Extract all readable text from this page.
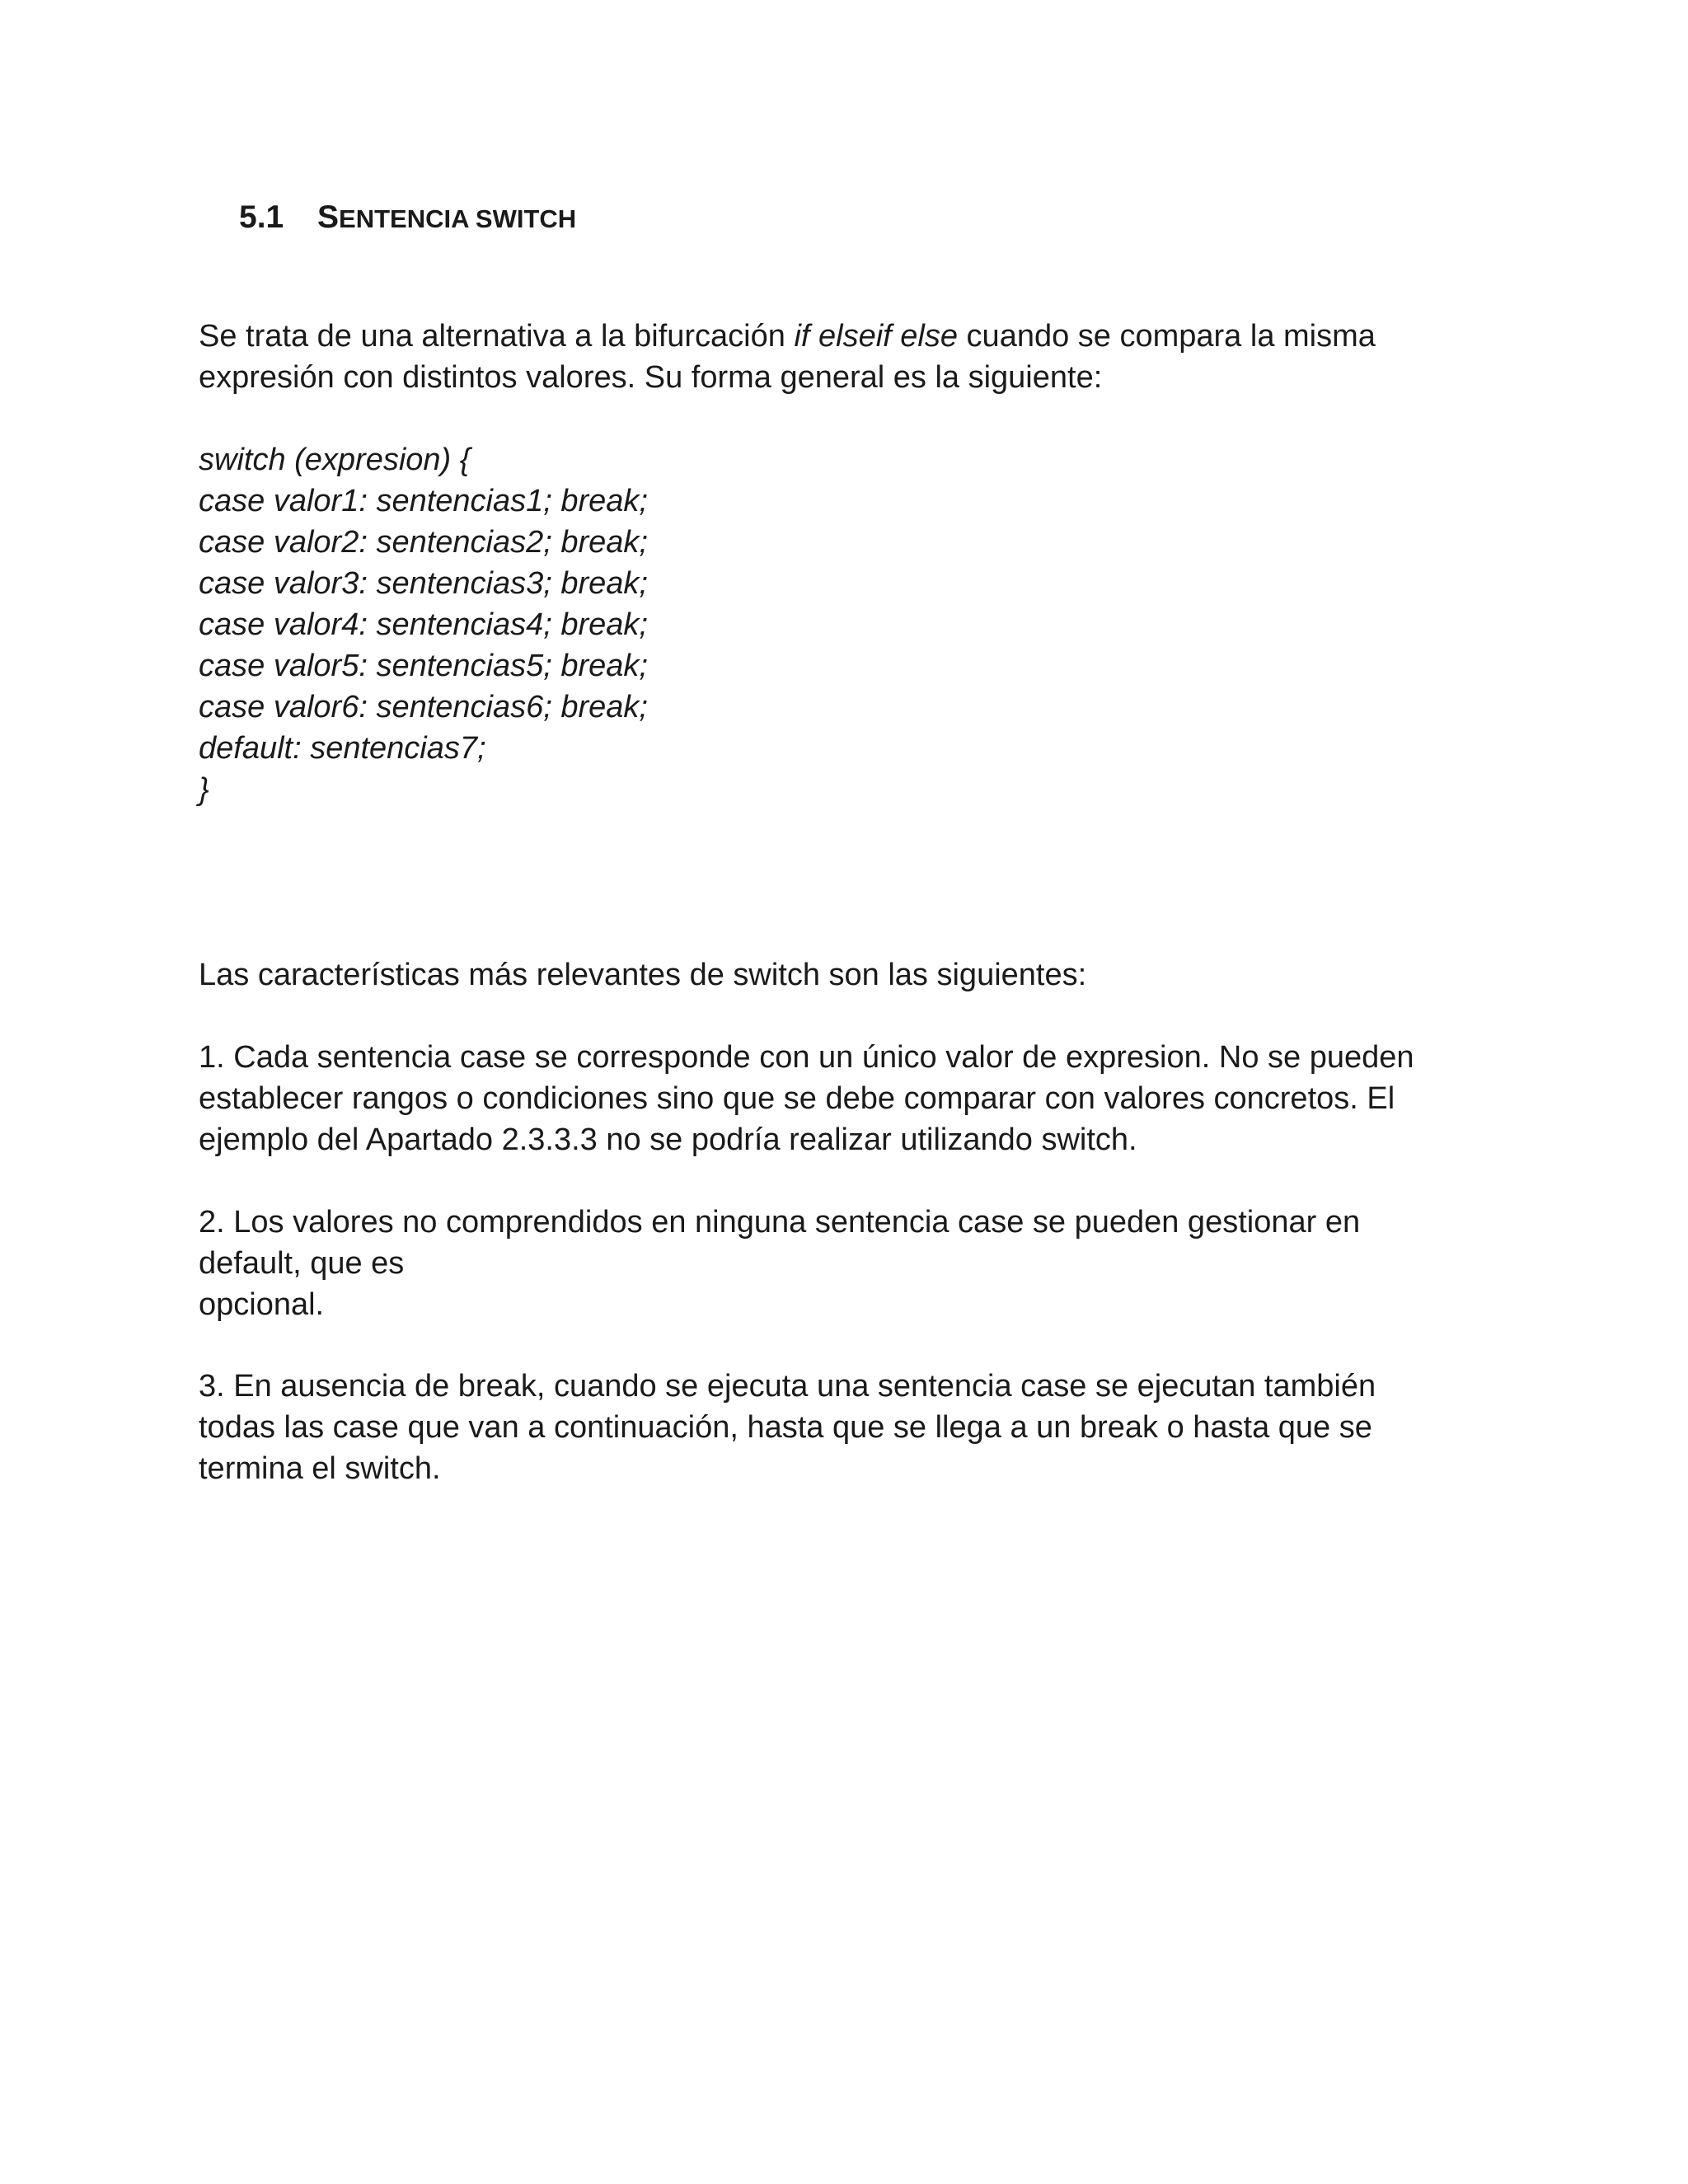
5.1 SENTENCIA SWITCH
Se trata de una alternativa a la bifurcación if elseif else cuando se compara la misma
expresión con distintos valores. Su forma general es la siguiente:
switch (expresion) {
case valor1: sentencias1; break;
case valor2: sentencias2; break;
case valor3: sentencias3; break;
case valor4: sentencias4; break;
case valor5: sentencias5; break;
case valor6: sentencias6; break;
default: sentencias7;
}
Las características más relevantes de switch son las siguientes:
1. Cada sentencia case se corresponde con un único valor de expresion. No se pueden
establecer rangos o condiciones sino que se debe comparar con valores concretos. El
ejemplo del Apartado 2.3.3.3 no se podría realizar utilizando switch.
2. Los valores no comprendidos en ninguna sentencia case se pueden gestionar en
default, que es
opcional.
3. En ausencia de break, cuando se ejecuta una sentencia case se ejecutan también
todas las case que van a continuación, hasta que se llega a un break o hasta que se
termina el switch.
